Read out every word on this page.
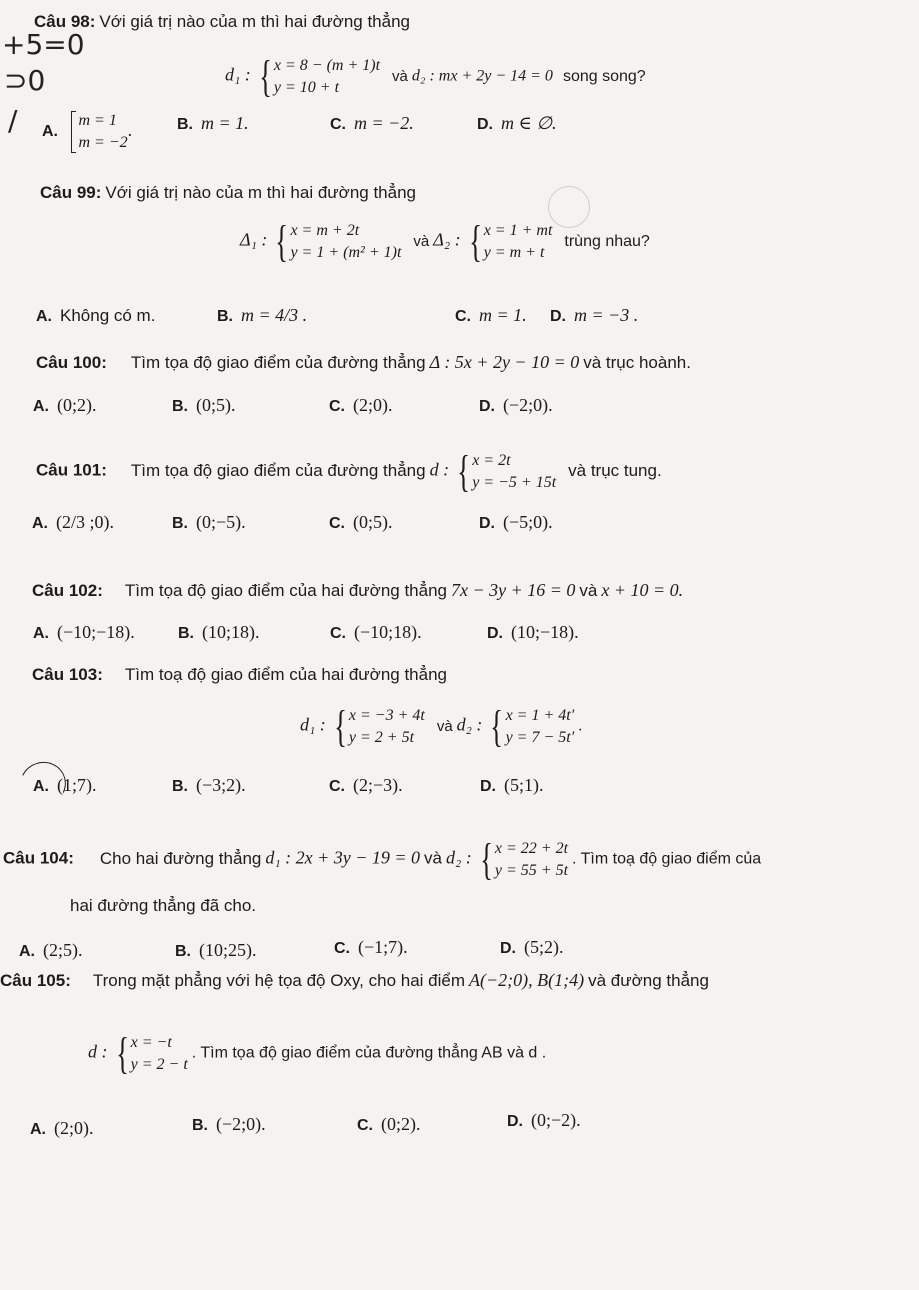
+5=0
⊃0
/
Câu 98: Với giá trị nào của m thì hai đường thẳng
d₁ : { x = 8 − (m + 1)t
y = 10 + t
và d₂ : mx + 2y − 14 = 0 song song?
A.
m = 1
m = −2
.	B. m = 1.	C. m = −2.	D. m ∈ ∅.
Câu 99: Với giá trị nào của m thì hai đường thẳng
Δ₁ : { x = m + 2t
y = 1 + (m² + 1)t
và Δ₂ : { x = 1 + mt
y = m + t
trùng nhau?
A. Không có m.	B. m = 4/3 .	C. m = 1. D. m = −3 .
Câu 100: Tìm tọa độ giao điểm của đường thẳng Δ : 5x + 2y − 10 = 0 và trục hoành.
A. (0;2).	B. (0;5).	C. (2;0).	D. (−2;0).
Câu 101: Tìm tọa độ giao điểm của đường thẳng d : { x = 2t
y = −5 + 15t
và trục tung.
A. (2/3 ;0).	B. (0;−5).	C. (0;5).	D. (−5;0).
Câu 102: Tìm tọa độ giao điểm của hai đường thẳng 7x − 3y + 16 = 0 và x + 10 = 0.
A. (−10;−18).	B. (10;18).	C. (−10;18).	D. (10;−18).
Câu 103: Tìm toạ độ giao điểm của hai đường thẳng
d₁ : { x = −3 + 4t
y = 2 + 5t
và d₂ : { x = 1 + 4t′
y = 7 − 5t′
.
A. (1;7).	B. (−3;2).	C. (2;−3).	D. (5;1).
Câu 104: Cho hai đường thẳng d₁ : 2x + 3y − 19 = 0 và d₂ : { x = 22 + 2t
y = 55 + 5t
. Tìm toạ độ giao điểm của
hai đường thẳng đã cho.
A. (2;5).	B. (10;25).	C. (−1;7).	D. (5;2).
Câu 105: Trong mặt phẳng với hệ tọa độ Oxy, cho hai điểm A(−2;0), B(1;4) và đường thẳng
d : { x = −t
y = 2 − t
. Tìm tọa độ giao điểm của đường thẳng AB và d .
A. (2;0).	B. (−2;0).	C. (0;2).	D. (0;−2).
